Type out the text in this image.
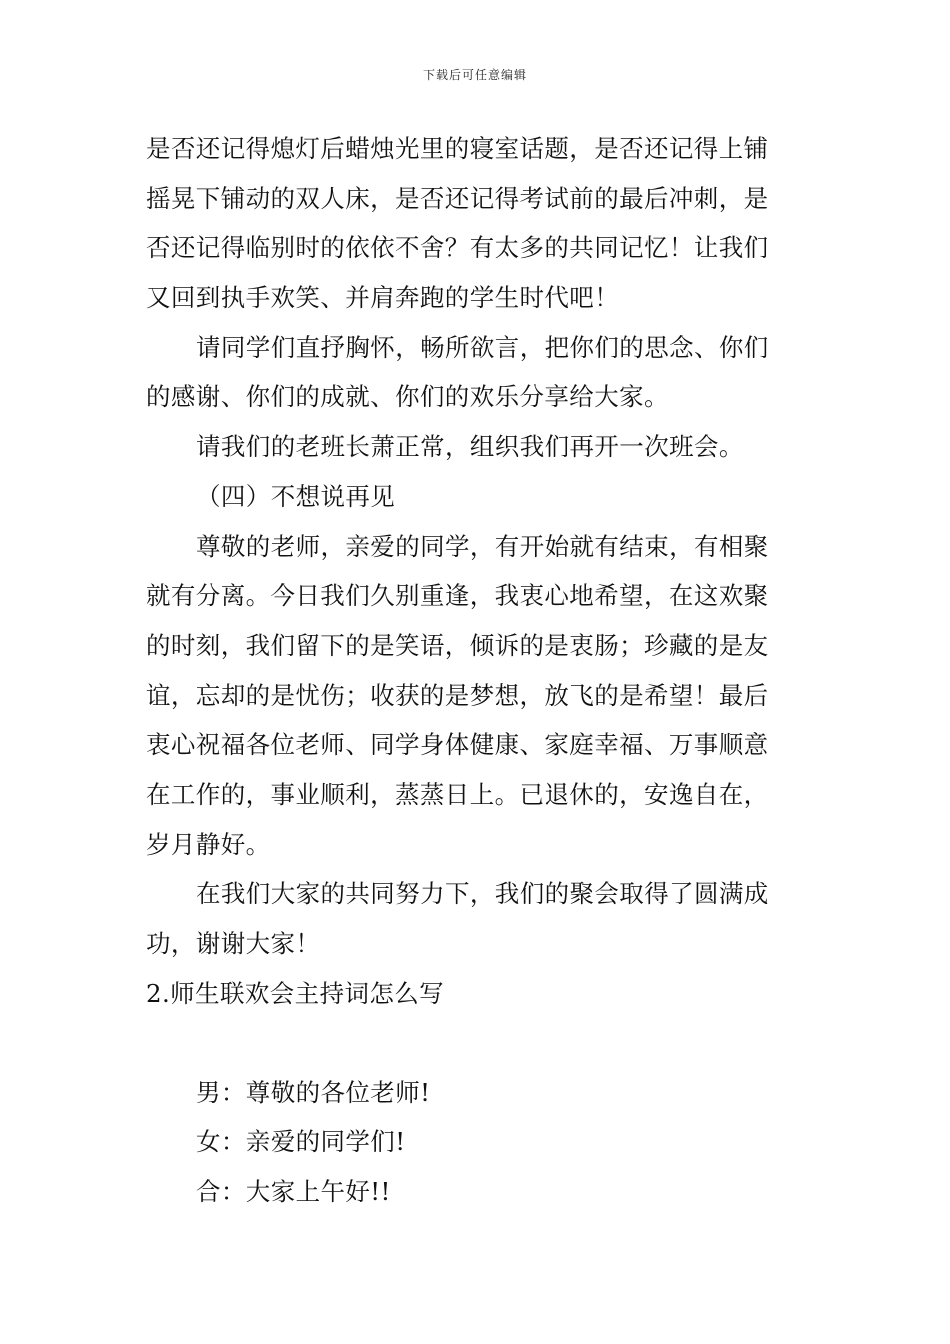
下载后可任意编辑
是否还记得熄灯后蜡烛光里的寝室话题，是否还记得上铺
摇晃下铺动的双人床，是否还记得考试前的最后冲刺，是
否还记得临别时的依依不舍？有太多的共同记忆！让我们
又回到执手欢笑、并肩奔跑的学生时代吧！
请同学们直抒胸怀，畅所欲言，把你们的思念、你们
的感谢、你们的成就、你们的欢乐分享给大家。
请我们的老班长萧正常，组织我们再开一次班会。
（四）不想说再见
尊敬的老师，亲爱的同学，有开始就有结束，有相聚
就有分离。今日我们久别重逢，我衷心地希望，在这欢聚
的时刻，我们留下的是笑语，倾诉的是衷肠；珍藏的是友
谊，忘却的是忧伤；收获的是梦想，放飞的是希望！最后
衷心祝福各位老师、同学身体健康、家庭幸福、万事顺意
在工作的，事业顺利，蒸蒸日上。已退休的，安逸自在，
岁月静好。
在我们大家的共同努力下，我们的聚会取得了圆满成
功，谢谢大家！
2.师生联欢会主持词怎么写
男：尊敬的各位老师!
女：亲爱的同学们!
合：大家上午好!!
